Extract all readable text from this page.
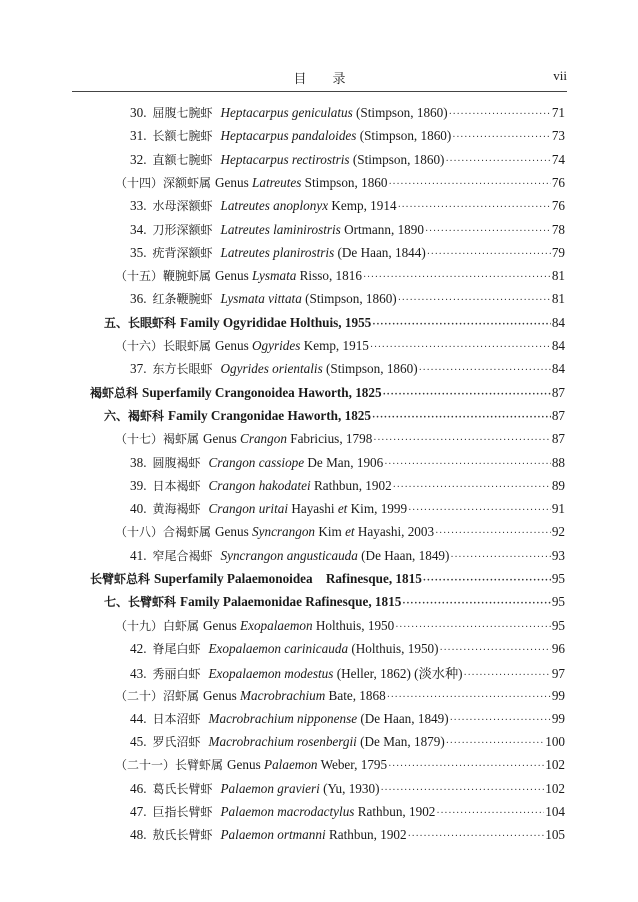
目 录	vii
30. 屈腹七腕虾 Heptacarpus geniculatus (Stimpson, 1860) ·····	71
31. 长额七腕虾 Heptacarpus pandaloides (Stimpson, 1860) ·····	73
32. 直额七腕虾 Heptacarpus rectirostris (Stimpson, 1860) ·····	74
（十四）深额虾属 Genus Latreutes Stimpson, 1860 ·····	76
33. 水母深额虾 Latreutes anoplonyx Kemp, 1914 ·····	76
34. 刀形深额虾 Latreutes laminirostris Ortmann, 1890 ·····	78
35. 疣背深额虾 Latreutes planirostris (De Haan, 1844) ·····	79
（十五）鞭腕虾属 Genus Lysmata Risso, 1816 ·····	81
36. 红条鞭腕虾 Lysmata vittata (Stimpson, 1860) ·····	81
五、长眼虾科 Family Ogyrididae Holthuis, 1955 ·····	84
（十六）长眼虾属 Genus Ogyrides Kemp, 1915 ·····	84
37. 东方长眼虾 Ogyrides orientalis (Stimpson, 1860) ·····	84
褐虾总科 Superfamily Crangonoidea Haworth, 1825 ·····	87
六、褐虾科 Family Crangonidae Haworth, 1825 ·····	87
（十七）褐虾属 Genus Crangon Fabricius, 1798 ·····	87
38. 圆腹褐虾 Crangon cassiope De Man, 1906 ·····	88
39. 日本褐虾 Crangon hakodatei Rathbun, 1902 ·····	89
40. 黄海褐虾 Crangon uritai Hayashi et Kim, 1999 ·····	91
（十八）合褐虾属 Genus Syncrangon Kim et Hayashi, 2003 ·····	92
41. 窄尾合褐虾 Syncrangon angusticauda (De Haan, 1849) ·····	93
长臂虾总科 Superfamily Palaemonoidea    Rafinesque, 1815 ·····	95
七、长臂虾科 Family Palaemonidae Rafinesque, 1815 ·····	95
（十九）白虾属 Genus Exopalaemon Holthuis, 1950 ·····	95
42. 脊尾白虾 Exopalaemon carinicauda (Holthuis, 1950) ·····	96
43. 秀丽白虾 Exopalaemon modestus (Heller, 1862) (淡水种) ·····	97
（二十）沼虾属 Genus Macrobrachium Bate, 1868 ·····	99
44. 日本沼虾 Macrobrachium nipponense (De Haan, 1849) ·····	99
45. 罗氏沼虾 Macrobrachium rosenbergii (De Man, 1879) ·····	100
（二十一）长臂虾属 Genus Palaemon Weber, 1795 ·····	102
46. 葛氏长臂虾 Palaemon gravieri (Yu, 1930) ·····	102
47. 巨指长臂虾 Palaemon macrodactylus Rathbun, 1902 ·····	104
48. 敖氏长臂虾 Palaemon ortmanni Rathbun, 1902 ·····	105
